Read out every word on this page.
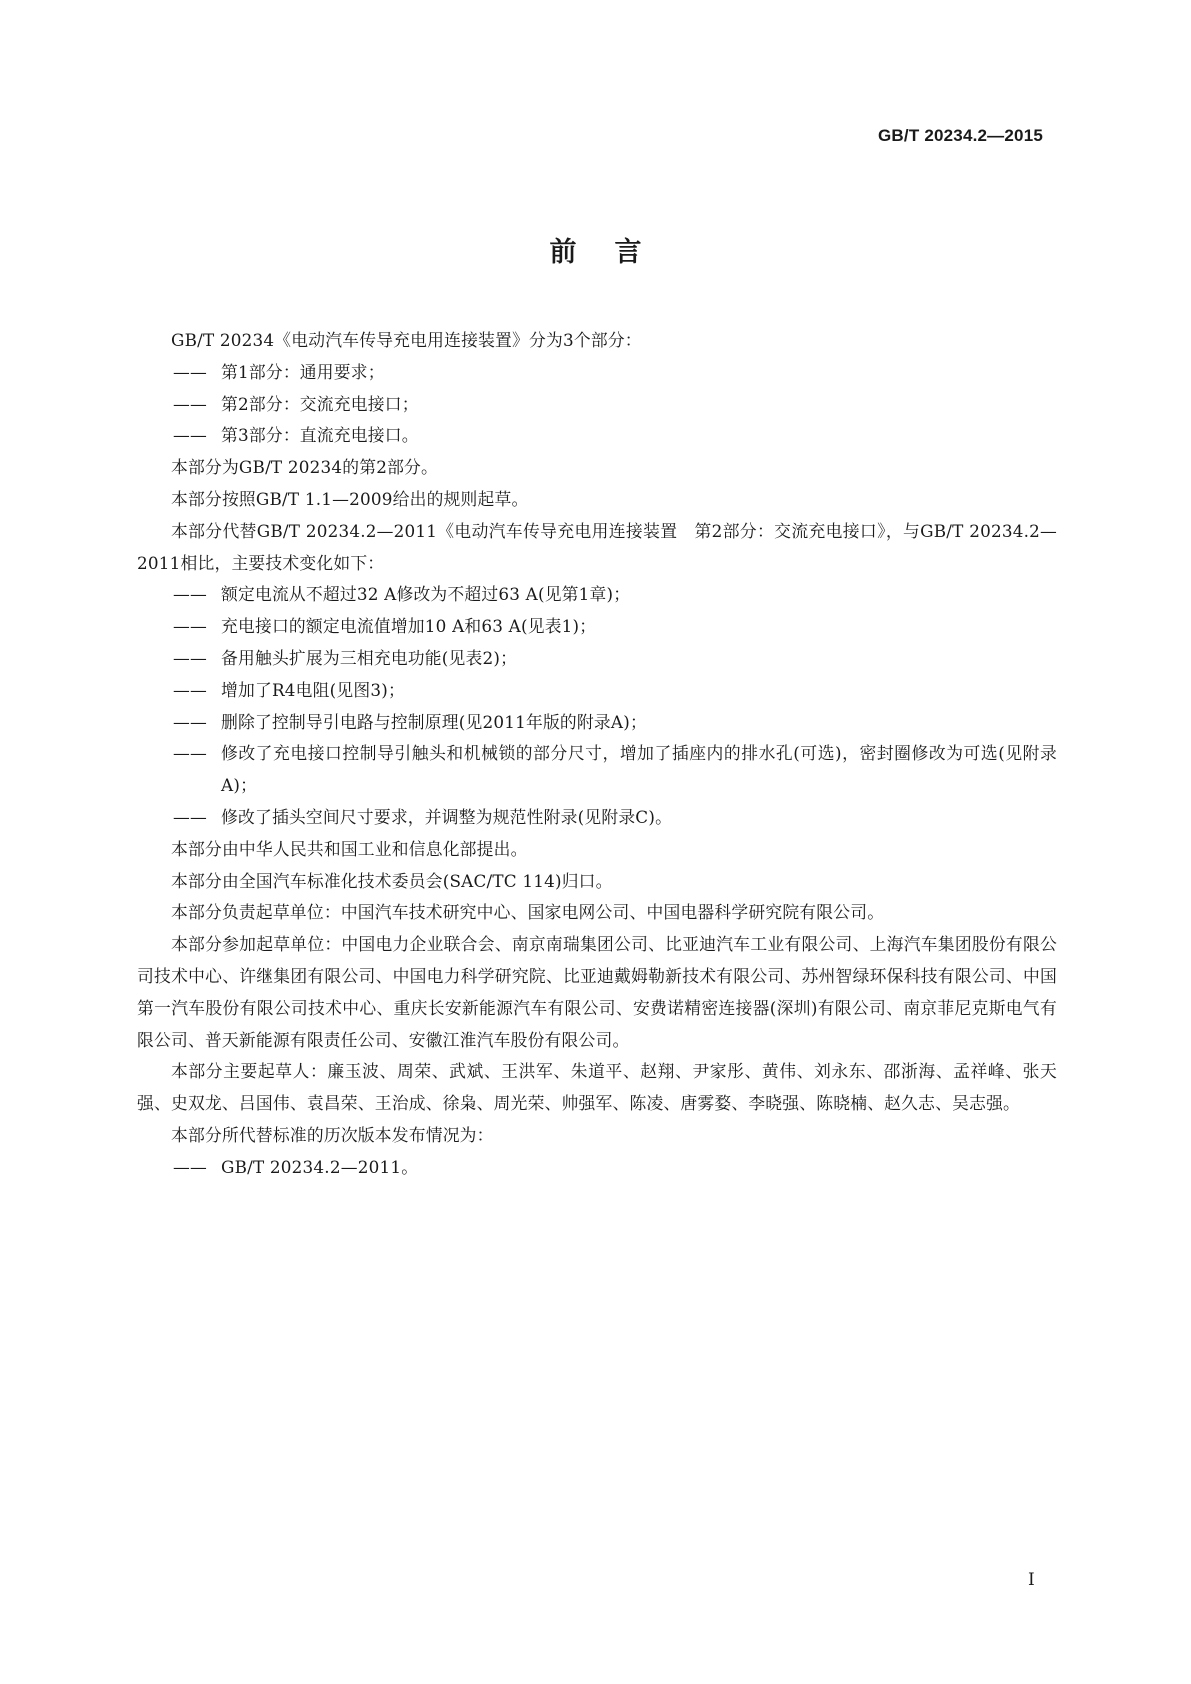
GB/T 20234.2—2015
前言

GB/T 20234《电动汽车传导充电用连接装置》分为3个部分：

—— 第1部分：通用要求；

—— 第2部分：交流充电接口；

—— 第3部分：直流充电接口。

本部分为GB/T 20234的第2部分。

本部分按照GB/T 1.1—2009给出的规则起草。

本部分代替GB/T 20234.2—2011《电动汽车传导充电用连接装置　第2部分：交流充电接口》，与GB/T 20234.2—2011相比，主要技术变化如下：

—— 额定电流从不超过32 A修改为不超过63 A(见第1章)；

—— 充电接口的额定电流值增加10 A和63 A(见表1)；

—— 备用触头扩展为三相充电功能(见表2)；

—— 增加了R4电阻(见图3)；

—— 删除了控制导引电路与控制原理(见2011年版的附录A)；

—— 修改了充电接口控制导引触头和机械锁的部分尺寸，增加了插座内的排水孔(可选)，密封圈修改为可选(见附录A)；

—— 修改了插头空间尺寸要求，并调整为规范性附录(见附录C)。

本部分由中华人民共和国工业和信息化部提出。

本部分由全国汽车标准化技术委员会(SAC/TC 114)归口。

本部分负责起草单位：中国汽车技术研究中心、国家电网公司、中国电器科学研究院有限公司。

本部分参加起草单位：中国电力企业联合会、南京南瑞集团公司、比亚迪汽车工业有限公司、上海汽车集团股份有限公司技术中心、许继集团有限公司、中国电力科学研究院、比亚迪戴姆勒新技术有限公司、苏州智绿环保科技有限公司、中国第一汽车股份有限公司技术中心、重庆长安新能源汽车有限公司、安费诺精密连接器(深圳)有限公司、南京菲尼克斯电气有限公司、普天新能源有限责任公司、安徽江淮汽车股份有限公司。

本部分主要起草人：廉玉波、周荣、武斌、王洪军、朱道平、赵翔、尹家彤、黄伟、刘永东、邵浙海、孟祥峰、张天强、史双龙、吕国伟、袁昌荣、王治成、徐枭、周光荣、帅强军、陈凌、唐雾婺、李晓强、陈晓楠、赵久志、吴志强。

本部分所代替标准的历次版本发布情况为：

—— GB/T 20234.2—2011。

I
